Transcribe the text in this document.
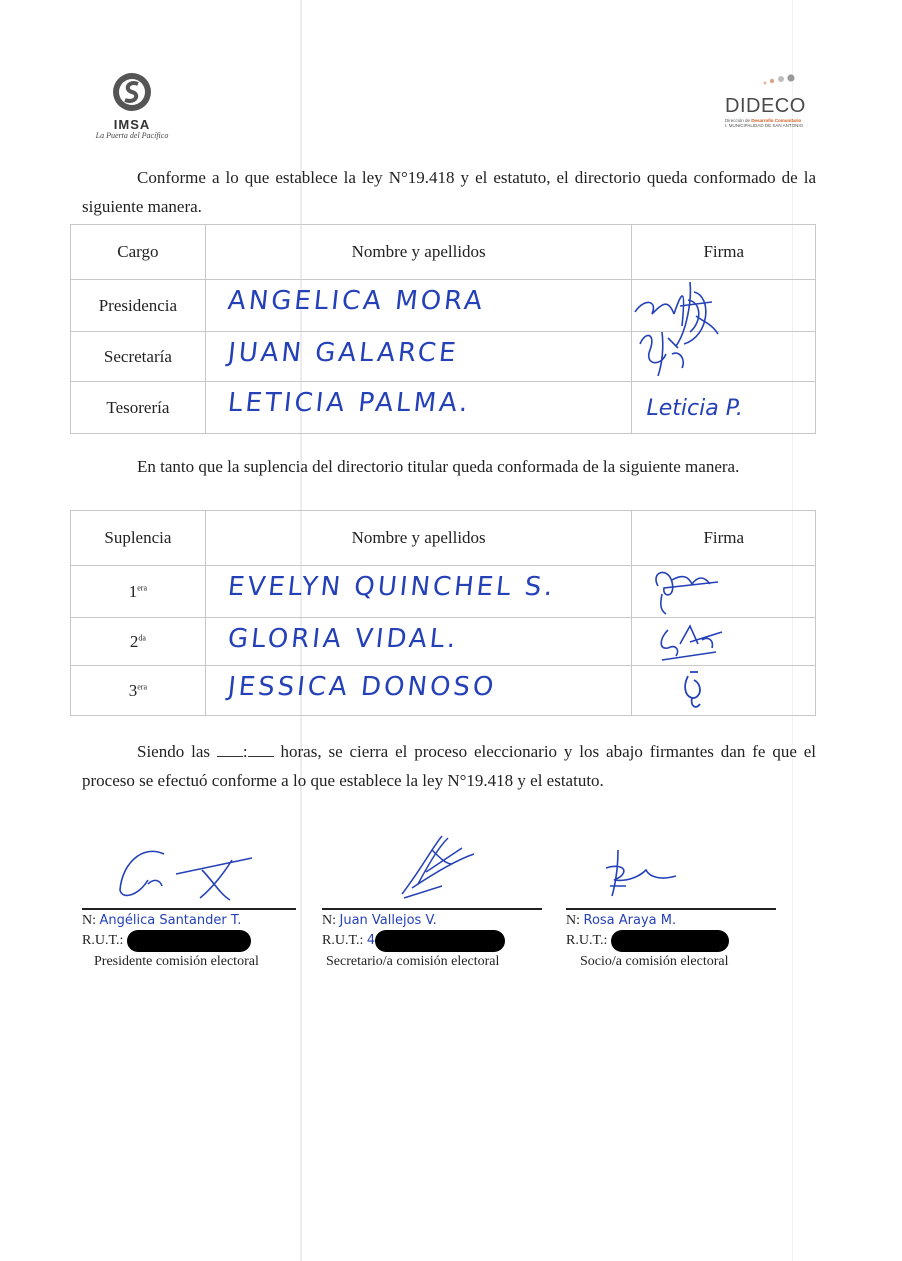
IMSA
La Puerta del Pacífico
DIDECO
Dirección de Desarrollo Comunitario
I. MUNICIPALIDAD DE SAN ANTONIO

Conforme a lo que establece la ley N°19.418 y el estatuto, el directorio queda conformado de la siguiente manera.

Cargo	Nombre y apellidos	Firma
Presidencia	ANGELICA MORA

Secretaría	JUAN GALARCE

Tesorería	LETICIA PALMA.	Leticia P.

En tanto que la suplencia del directorio titular queda conformada de la siguiente manera.

Suplencia	Nombre y apellidos	Firma
$1^{era}$	EVELYN QUINCHEL S.

$2^{da}$	GLORIA VIDAL.

$3^{era}$	JESSICA DONOSO

Siendo las : horas, se cierra el proceso eleccionario y los abajo firmantes dan fe que el proceso se efectuó conforme a lo que establece la ley N°19.418 y el estatuto.

N: Angélica Santander T.
R.U.T.:
Presidente comisión electoral
N: Juan Vallejos V.
R.U.T.: 4
Secretario/a comisión electoral
N: Rosa Araya M.
R.U.T.:
Socio/a comisión electoral
